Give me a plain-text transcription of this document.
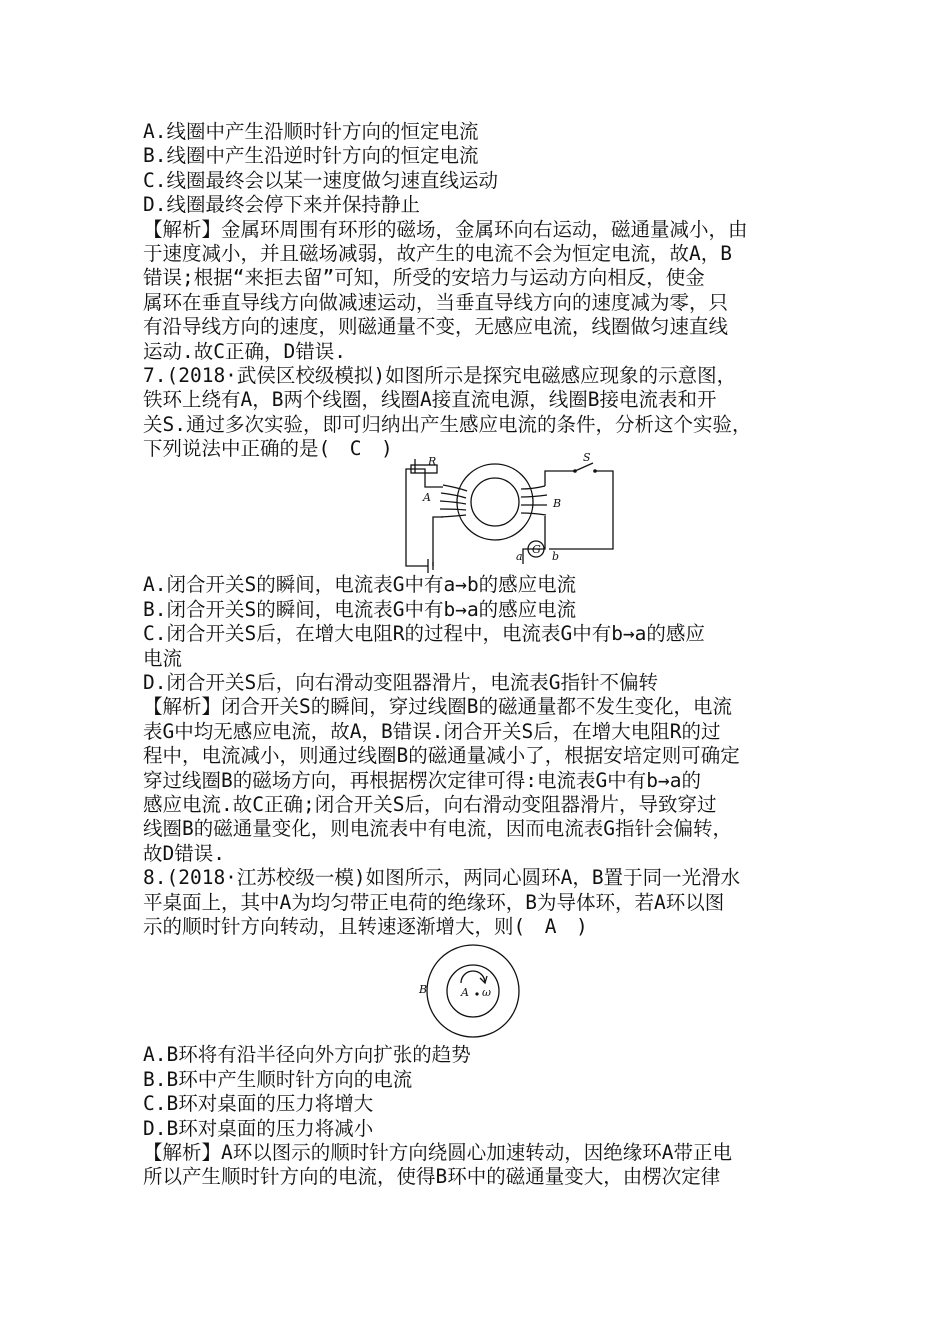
A.线圈中产生沿顺时针方向的恒定电流
B.线圈中产生沿逆时针方向的恒定电流
C.线圈最终会以某一速度做匀速直线运动
D.线圈最终会停下来并保持静止
【解析】金属环周围有环形的磁场，金属环向右运动，磁通量减小，由
于速度减小，并且磁场减弱，故产生的电流不会为恒定电流，故A，B
错误;根据“来拒去留”可知，所受的安培力与运动方向相反，使金
属环在垂直导线方向做减速运动，当垂直导线方向的速度减为零，只
有沿导线方向的速度，则磁通量不变，无感应电流，线圈做匀速直线
运动.故C正确，D错误.
7.(2018·武侯区校级模拟)如图所示是探究电磁感应现象的示意图，
铁环上绕有A，B两个线圈，线圈A接直流电源，线圈B接电流表和开
关S.通过多次实验，即可归纳出产生感应电流的条件，分析这个实验，
下列说法中正确的是(　C　)
R	S
A	B
G
a	b
A.闭合开关S的瞬间，电流表G中有a→b的感应电流
B.闭合开关S的瞬间，电流表G中有b→a的感应电流
C.闭合开关S后，在增大电阻R的过程中，电流表G中有b→a的感应
电流
D.闭合开关S后，向右滑动变阻器滑片，电流表G指针不偏转
【解析】闭合开关S的瞬间，穿过线圈B的磁通量都不发生变化，电流
表G中均无感应电流，故A，B错误.闭合开关S后，在增大电阻R的过
程中，电流减小，则通过线圈B的磁通量减小了，根据安培定则可确定
穿过线圈B的磁场方向，再根据楞次定律可得:电流表G中有b→a的
感应电流.故C正确;闭合开关S后，向右滑动变阻器滑片，导致穿过
线圈B的磁通量变化，则电流表中有电流，因而电流表G指针会偏转，
故D错误.
8.(2018·江苏校级一模)如图所示，两同心圆环A，B置于同一光滑水
平桌面上，其中A为均匀带正电荷的绝缘环，B为导体环，若A环以图
示的顺时针方向转动，且转速逐渐增大，则(　A　)
B	A ω
A.B环将有沿半径向外方向扩张的趋势
B.B环中产生顺时针方向的电流
C.B环对桌面的压力将增大
D.B环对桌面的压力将减小
【解析】A环以图示的顺时针方向绕圆心加速转动，因绝缘环A带正电
所以产生顺时针方向的电流，使得B环中的磁通量变大，由楞次定律
